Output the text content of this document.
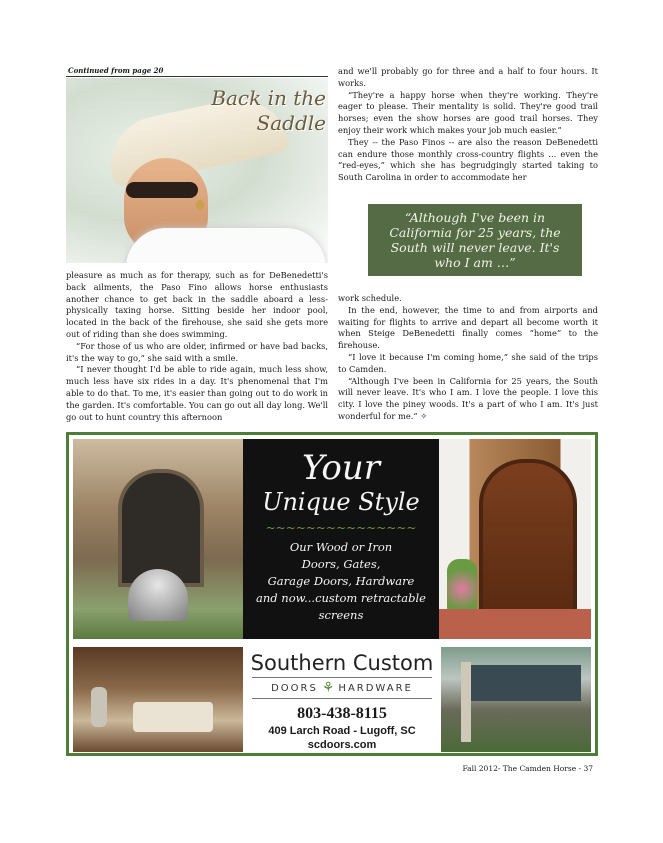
Continued from page 20
Back in the Saddle

pleasure as much as for therapy, such as for DeBenedetti's back ailments, the Paso Fino allows horse enthusiasts another chance to get back in the saddle aboard a less-physically taxing horse. Sitting beside her indoor pool, located in the back of the firehouse, she said she gets more out of riding than she does swimming.

“For those of us who are older, infirmed or have bad backs, it's the way to go,” she said with a smile.

“I never thought I'd be able to ride again, much less show, much less have six rides in a day. It's phenomenal that I'm able to do that. To me, it's easier than going out to do work in the garden. It's comfortable. You can go out all day long. We'll go out to hunt country this afternoon

and we'll probably go for three and a half to four hours. It works.

“They're a happy horse when they're working. They're eager to please. Their mentality is solid. They're good trail horses; even the show horses are good trail horses. They enjoy their work which makes your job much easier.”

They -- the Paso Finos -- are also the reason DeBenedetti can endure those monthly cross-country flights ... even the “red-eyes,” which she has begrudgingly started taking to South Carolina in order to accommodate her

“Although I've been in California for 25 years, the South will never leave. It's who I am …”

work schedule.

In the end, however, the time to and from airports and waiting for flights to arrive and depart all become worth it when Steige DeBenedetti finally comes “home” to the firehouse.

“I love it because I'm coming home,” she said of the trips to Camden.

“Although I've been in California for 25 years, the South will never leave. It's who I am. I love the people. I love this city. I love the piney woods. It's a part of who I am. It's just wonderful for me.” ✧

Your
Unique Style
~~~~~~~~~~~~~~~
Our Wood or Iron
Doors, Gates,
Garage Doors, Hardware
and now...custom retractable screens
Southern Custom
DOORS ⚘ HARDWARE
803-438-8115
409 Larch Road - Lugoff, SC
scdoors.com
Fall 2012- The Camden Horse - 37
